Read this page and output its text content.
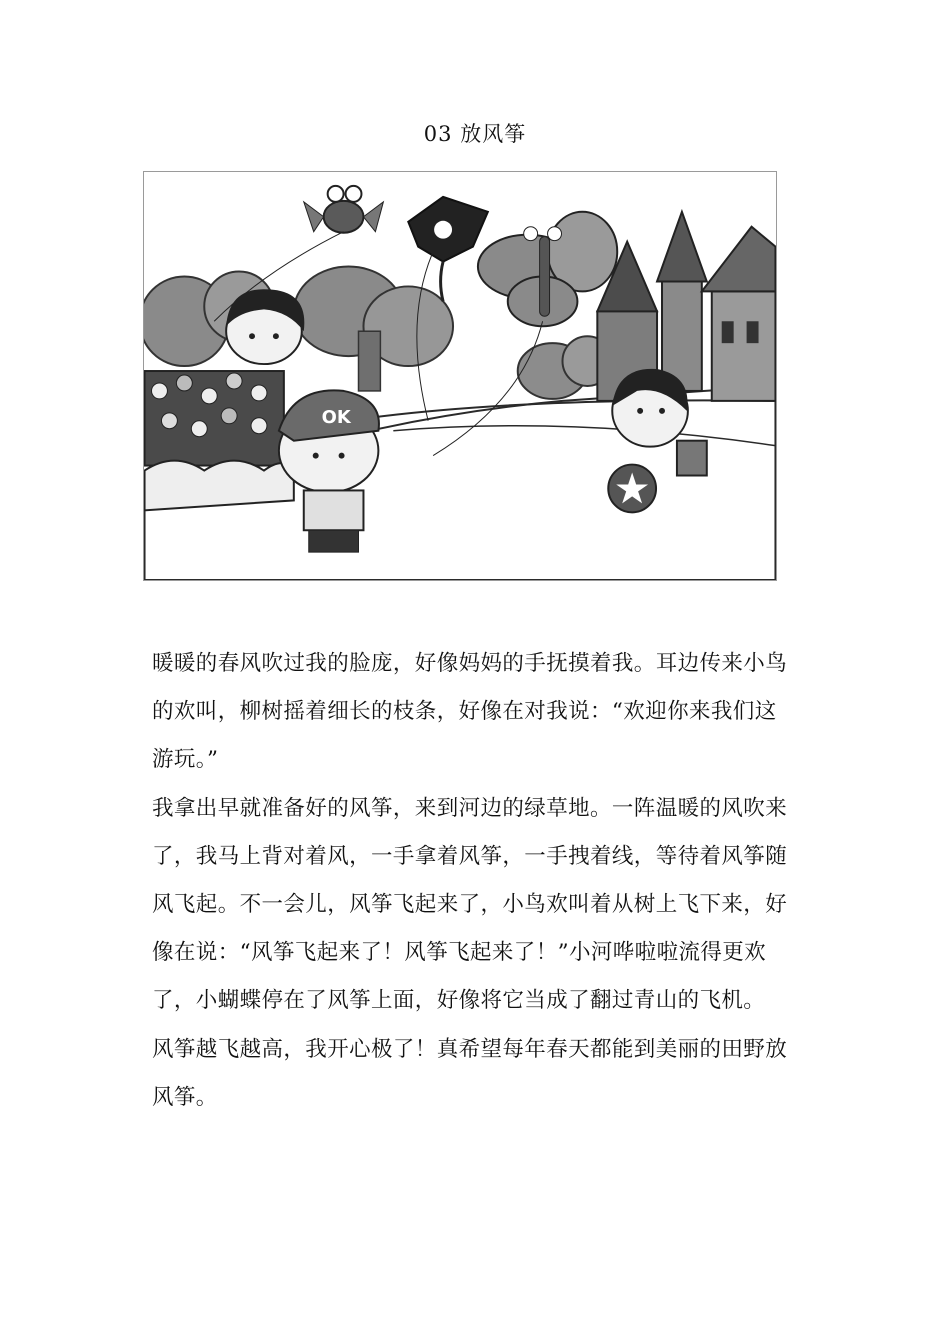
03 放风筝
OK

暖暖的春风吹过我的脸庞，好像妈妈的手抚摸着我。耳边传来小鸟的欢叫，柳树摇着细长的枝条，好像在对我说：“欢迎你来我们这游玩。”

我拿出早就准备好的风筝，来到河边的绿草地。一阵温暖的风吹来了，我马上背对着风，一手拿着风筝，一手拽着线，等待着风筝随风飞起。不一会儿，风筝飞起来了，小鸟欢叫着从树上飞下来，好像在说：“风筝飞起来了！风筝飞起来了！”小河哗啦啦流得更欢了，小蝴蝶停在了风筝上面，好像将它当成了翻过青山的飞机。

风筝越飞越高，我开心极了！真希望每年春天都能到美丽的田野放风筝。
